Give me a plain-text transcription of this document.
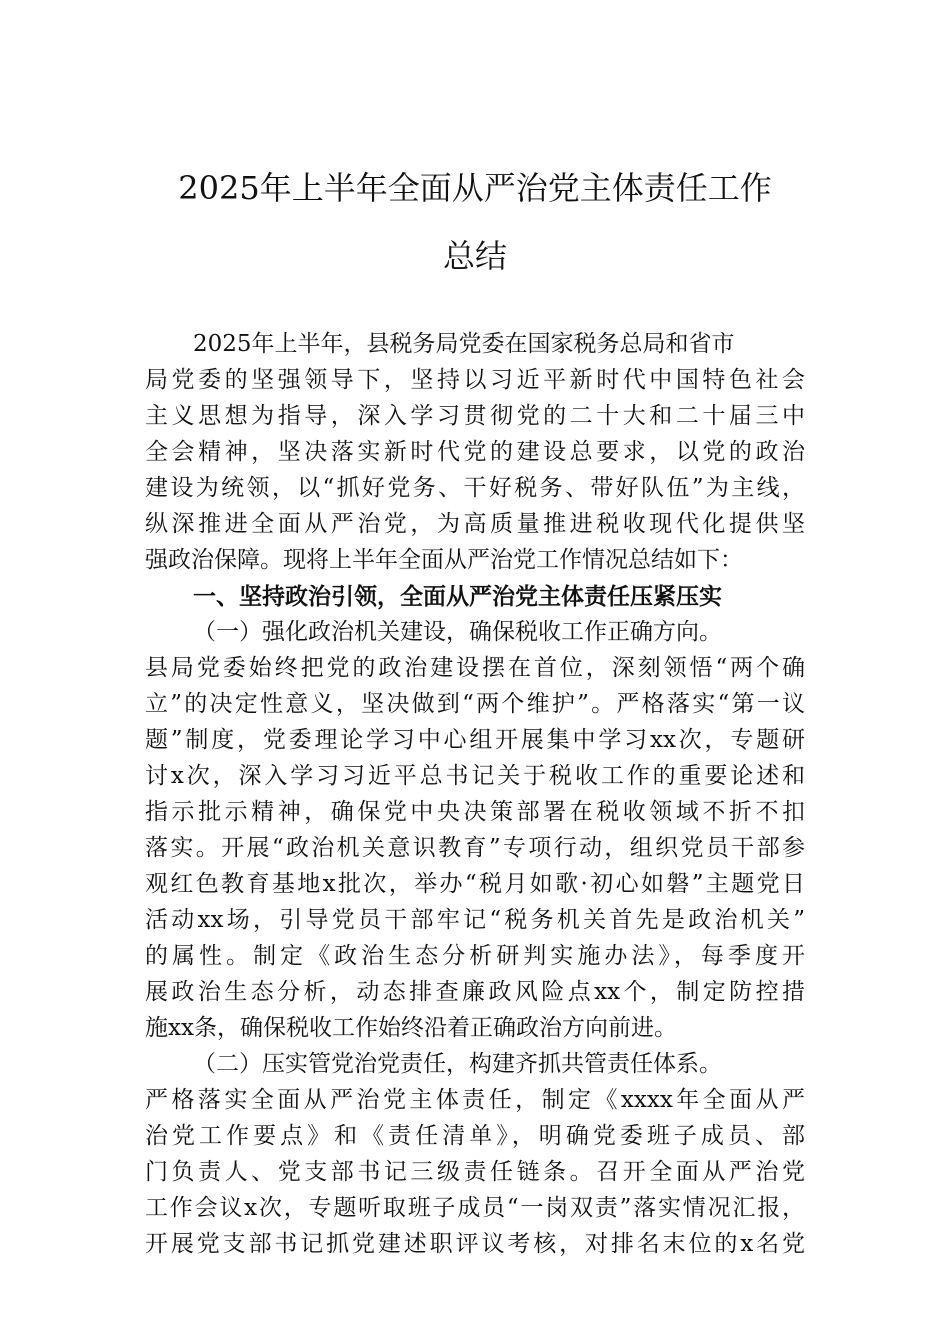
2025年上半年全面从严治党主体责任工作
总结
2025年上半年，县税务局党委在国家税务总局和省市
局党委的坚强领导下，坚持以习近平新时代中国特色社会
主义思想为指导，深入学习贯彻党的二十大和二十届三中
全会精神，坚决落实新时代党的建设总要求，以党的政治
建设为统领，以“抓好党务、干好税务、带好队伍”为主线，
纵深推进全面从严治党，为高质量推进税收现代化提供坚
强政治保障。现将上半年全面从严治党工作情况总结如下：
一、坚持政治引领，全面从严治党主体责任压紧压实
（一）强化政治机关建设，确保税收工作正确方向。
县局党委始终把党的政治建设摆在首位，深刻领悟“两个确
立”的决定性意义，坚决做到“两个维护”。严格落实“第一议
题”制度，党委理论学习中心组开展集中学习xx次，专题研
讨x次，深入学习习近平总书记关于税收工作的重要论述和
指示批示精神，确保党中央决策部署在税收领域不折不扣
落实。开展“政治机关意识教育”专项行动，组织党员干部参
观红色教育基地x批次，举办“税月如歌·初心如磐”主题党日
活动xx场，引导党员干部牢记“税务机关首先是政治机关”
的属性。制定《政治生态分析研判实施办法》，每季度开
展政治生态分析，动态排查廉政风险点xx个，制定防控措
施xx条，确保税收工作始终沿着正确政治方向前进。
（二）压实管党治党责任，构建齐抓共管责任体系。
严格落实全面从严治党主体责任，制定《xxxx年全面从严
治党工作要点》和《责任清单》，明确党委班子成员、部
门负责人、党支部书记三级责任链条。召开全面从严治党
工作会议x次，专题听取班子成员“一岗双责”落实情况汇报，
开展党支部书记抓党建述职评议考核，对排名末位的x名党
